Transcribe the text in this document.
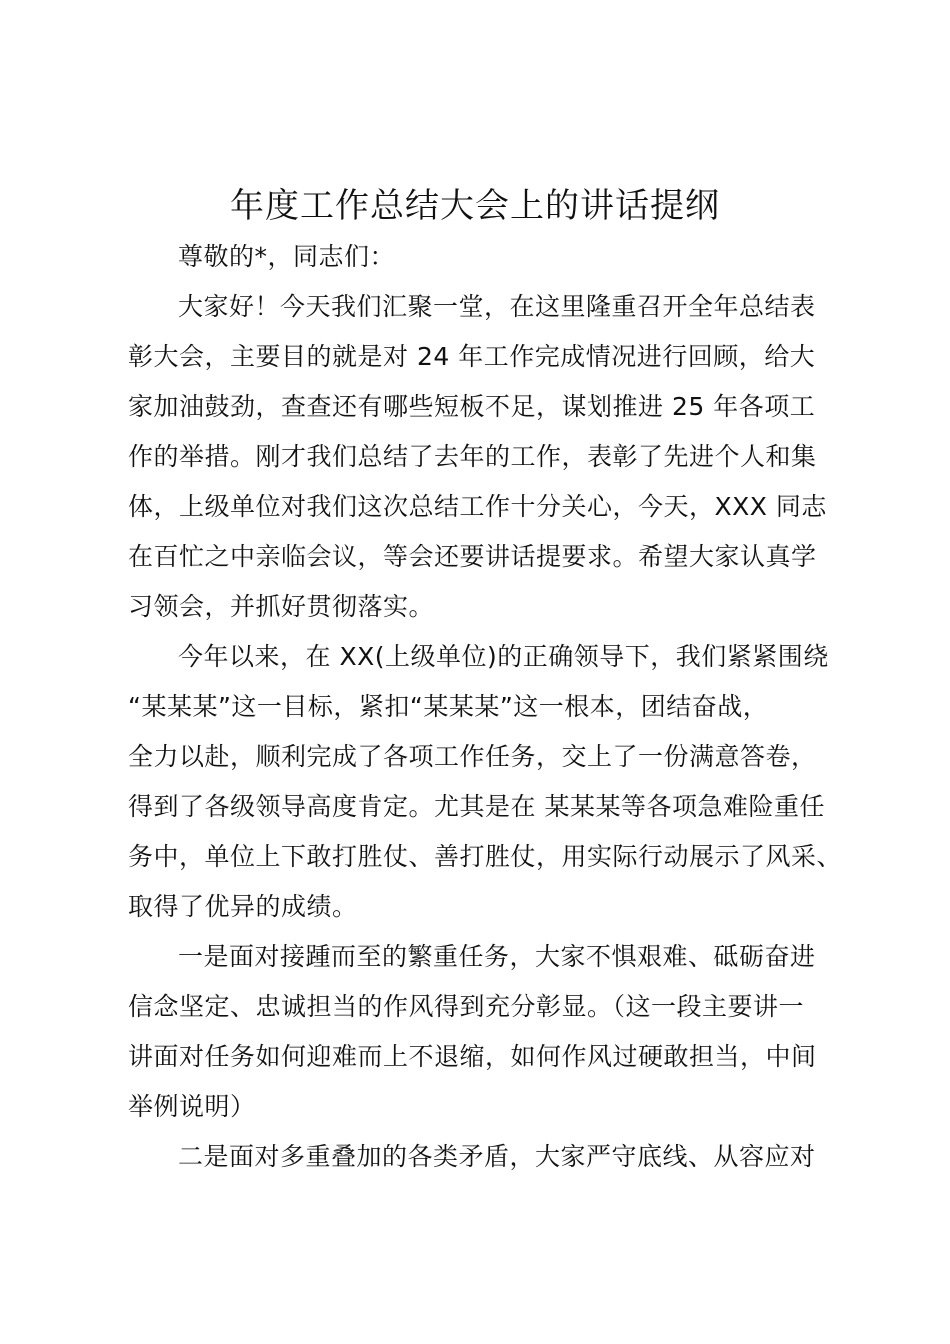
年度工作总结大会上的讲话提纲
尊敬的*，同志们：
大家好！今天我们汇聚一堂，在这里隆重召开全年总结表
彰大会，主要目的就是对 24 年工作完成情况进行回顾，给大
家加油鼓劲，查查还有哪些短板不足，谋划推进 25 年各项工
作的举措。刚才我们总结了去年的工作，表彰了先进个人和集
体，上级单位对我们这次总结工作十分关心，今天，XXX 同志
在百忙之中亲临会议，等会还要讲话提要求。希望大家认真学
习领会，并抓好贯彻落实。
今年以来，在 XX(上级单位)的正确领导下，我们紧紧围绕
“某某某”这一目标，紧扣“某某某”这一根本，团结奋战，
全力以赴，顺利完成了各项工作任务，交上了一份满意答卷，
得到了各级领导高度肯定。尤其是在 某某某等各项急难险重任
务中，单位上下敢打胜仗、善打胜仗，用实际行动展示了风采、
取得了优异的成绩。
一是面对接踵而至的繁重任务，大家不惧艰难、砥砺奋进
信念坚定、忠诚担当的作风得到充分彰显。（这一段主要讲一
讲面对任务如何迎难而上不退缩，如何作风过硬敢担当，中间
举例说明）
二是面对多重叠加的各类矛盾，大家严守底线、从容应对
